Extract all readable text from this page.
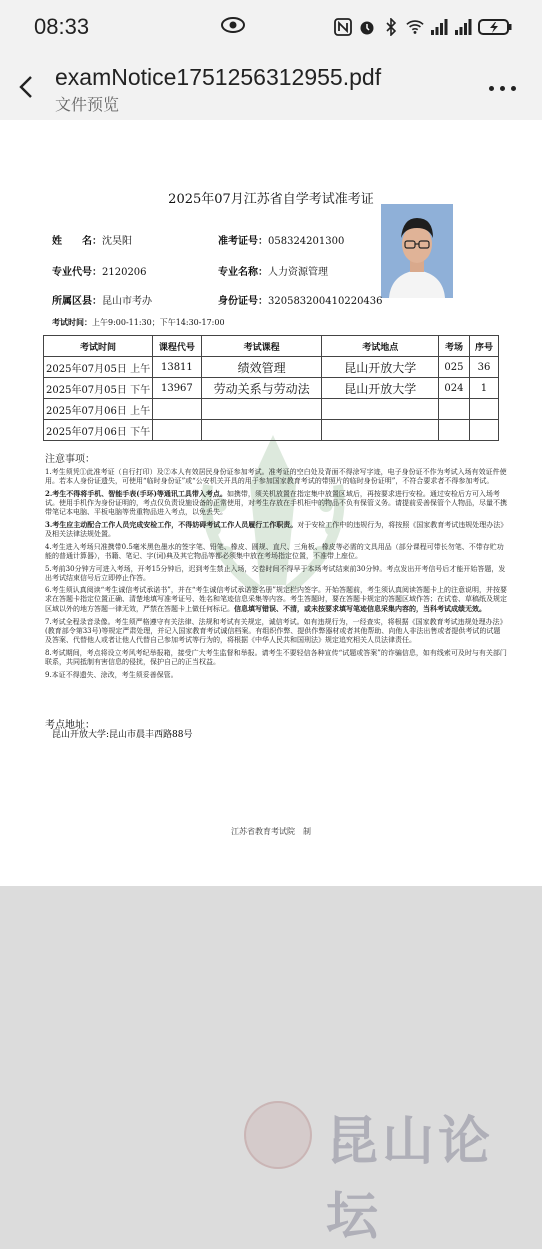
08:33
examNotice1751256312955.pdf
文件预览
2025年07月江苏省自学考试准考证
姓　　名：沈昊阳	准考证号：058324201300
专业代号：2120206	专业名称：人力资源管理
所属区县：昆山市考办	身份证号：320583200410220436
考试时间：上午9:00-11:30；下午14:30-17:00
考试时间	课程代号	考试课程	考试地点	考场	序号
2025年07月05日 上午	13811	绩效管理	昆山开放大学	025	36
2025年07月05日 下午	13967	劳动关系与劳动法	昆山开放大学	024	1
2025年07月06日 上午					
2025年07月06日 下午					
注意事项：

1.考生须凭①此准考证（自行打印）及②本人有效居民身份证参加考试。准考证的空白处及背面不得涂写字迹，电子身份证不作为考试入场有效证件使用。若本人身份证遗失，可使用“临时身份证”或“公安机关开具的用于参加国家教育考试的带照片的临时身份证明”，不符合要求者不得参加考试。

2.考生不得将手机、智能手表(手环)等通讯工具带入考点。如携带，须关机放置在指定集中放置区域后，再按要求进行安检。通过安检后方可入场考试。使用手机作为身份证明的，考点仅负责设施设备的正常使用，对考生存放在手机柜中的物品不负有保管义务。请提前妥善保管个人物品，尽量不携带笔记本电脑、平板电脑等贵重物品进入考点，以免丢失。

3.考生应主动配合工作人员完成安检工作，不得妨碍考试工作人员履行工作职责。对于安检工作中的违规行为，将按照《国家教育考试违规处理办法》及相关法律法规处置。

4.考生进入考场只准携带0.5毫米黑色墨水的签字笔、铅笔、橡皮、圆规、直尺、三角板、橡皮等必需的文具用品（部分课程可带长勿笔、不带存贮功能的普通计算器），书籍、笔记、字(词)典及其它物品等都必须集中放在考场指定位置，不准带上座位。

5.考前30分钟方可进入考场，开考15分钟后，迟到考生禁止入场，交卷时间不得早于本场考试结束前30分钟。考点发出开考信号后才能开始答题，发出考试结束信号后立即停止作答。

6.考生须认真阅读“考生诚信考试承诺书”，并在“考生诚信考试承诺签名册”规定栏内签字。开始答题前，考生须认真阅读答题卡上的注意说明，并按要求在答题卡指定位置正确、清楚地填写准考证号、姓名和笔迹信息采集等内容。考生答题时，要在答题卡规定的答题区域作答；在试卷、草稿纸及规定区域以外的地方答题一律无效，严禁在答题卡上做任何标记。信息填写错误、不清，或未按要求填写笔迹信息采集内容的，当科考试成绩无效。

7.考试全程录音录像。考生须严格遵守有关法律、法规和考试有关规定，诚信考试。如有违规行为，一经查实，将根据《国家教育考试违规处理办法》(教育部令第33号)等规定严肃处理，并记入国家教育考试诚信档案。有组织作弊、提供作弊器材或者其他帮助、向他人非法出售或者提供考试的试题及答案、代替他人或者让他人代替自己参加考试等行为的，将根据《中华人民共和国刑法》规定追究相关人员法律责任。

8.考试期间，考点将设立考风考纪举报箱，接受广大考生监督和举报。请考生不要轻信各种宣传“试题或答案”的诈骗信息，如有线索可及时与有关部门联系，共同抵制有害信息的侵扰，保护自己的正当权益。

9.本证不得遗失、涂改，考生须妥善保管。

考点地址：
昆山开放大学:昆山市晨丰西路88号
江苏省教育考试院　制
昆山论坛
